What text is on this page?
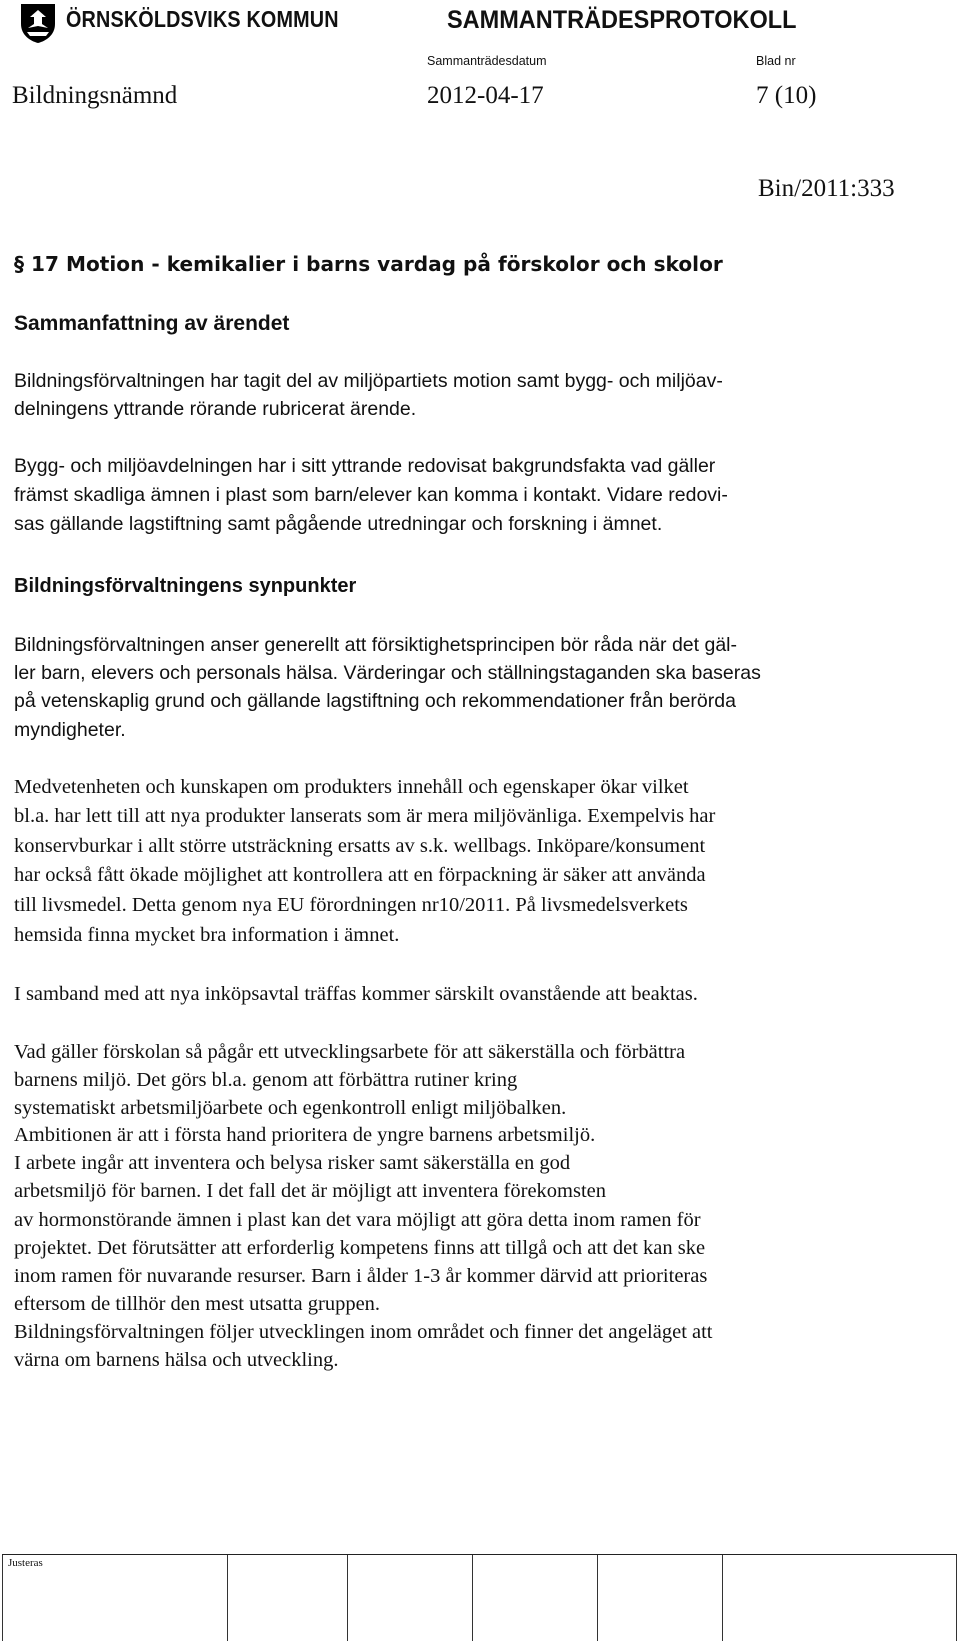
ÖRNSKÖLDSVIKS KOMMUN	SAMMANTRÄDESPROTOKOLL
Sammanträdesdatum	Blad nr
Bildningsnämnd	2012-04-17	7 (10)
Bin/2011:333
§ 17 Motion - kemikalier i barns vardag på förskolor och skolor
Sammanfattning av ärendet
Bildningsförvaltningen har tagit del av miljöpartiets motion samt bygg- och miljöav-
delningens yttrande rörande rubricerat ärende.
Bygg- och miljöavdelningen har i sitt yttrande redovisat bakgrundsfakta vad gäller
främst skadliga ämnen i plast som barn/elever kan komma i kontakt. Vidare redovi-
sas gällande lagstiftning samt pågående utredningar och forskning i ämnet.
Bildningsförvaltningens synpunkter
Bildningsförvaltningen anser generellt att försiktighetsprincipen bör råda när det gäl-
ler barn, elevers och personals hälsa. Värderingar och ställningstaganden ska baseras
på vetenskaplig grund och gällande lagstiftning och rekommendationer från berörda
myndigheter.
Medvetenheten och kunskapen om produkters innehåll och egenskaper ökar vilket
bl.a. har lett till att nya produkter lanserats som är mera miljövänliga. Exempelvis har
konservburkar i allt större utsträckning ersatts av s.k. wellbags. Inköpare/konsument
har också fått ökade möjlighet att kontrollera att en förpackning är säker att använda
till livsmedel. Detta genom nya EU förordningen nr10/2011. På livsmedelsverkets
hemsida finna mycket bra information i ämnet.
I samband med att nya inköpsavtal träffas kommer särskilt ovanstående att beaktas.
Vad gäller förskolan så pågår ett utvecklingsarbete för att säkerställa och förbättra
barnens miljö. Det görs bl.a. genom att förbättra rutiner kring
systematiskt arbetsmiljöarbete och egenkontroll enligt miljöbalken.
Ambitionen är att i första hand prioritera de yngre barnens arbetsmiljö.
I arbete ingår att inventera och belysa risker samt säkerställa en god
arbetsmiljö för barnen. I det fall det är möjligt att inventera förekomsten
av hormonstörande ämnen i plast kan det vara möjligt att göra detta inom ramen för
projektet. Det förutsätter att erforderlig kompetens finns att tillgå och att det kan ske
inom ramen för nuvarande resurser. Barn i ålder 1-3 år kommer därvid att prioriteras
eftersom de tillhör den mest utsatta gruppen.
Bildningsförvaltningen följer utvecklingen inom området och finner det angeläget att
värna om barnens hälsa och utveckling.
Justeras
